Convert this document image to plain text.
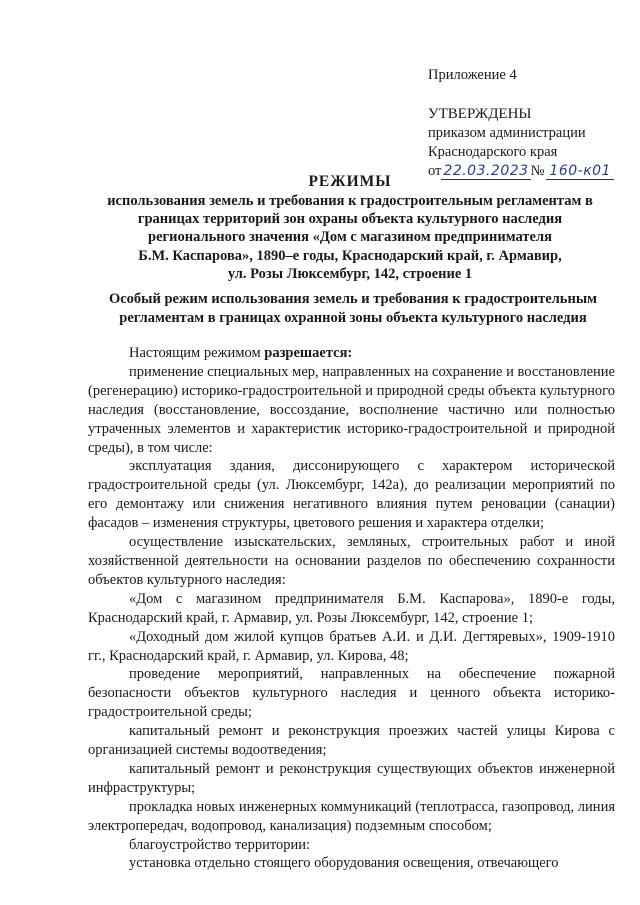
Приложение 4
УТВЕРЖДЕНЫ
приказом администрации
Краснодарского края
от 22.03.2023 № 160-к01
РЕЖИМЫ
использования земель и требования к градостроительным регламентам в
границах территорий зон охраны объекта культурного наследия
регионального значения «Дом с магазином предпринимателя
Б.М. Каспарова», 1890–е годы, Краснодарский край, г. Армавир,
ул. Розы Люксембург, 142, строение 1
Особый режим использования земель и требования к градостроительным
регламентам в границах охранной зоны объекта культурного наследия

Настоящим режимом разрешается:

применение специальных мер, направленных на сохранение и восстановление (регенерацию) историко-градостроительной и природной среды объекта культурного наследия (восстановление, воссоздание, восполнение частично или полностью утраченных элементов и характеристик историко-градостроительной и природной среды), в том числе:

эксплуатация здания, диссонирующего с характером исторической градостроительной среды (ул. Люксембург, 142а), до реализации мероприятий по его демонтажу или снижения негативного влияния путем реновации (санации) фасадов – изменения структуры, цветового решения и характера отделки;

осуществление изыскательских, земляных, строительных работ и иной хозяйственной деятельности на основании разделов по обеспечению сохранности объектов культурного наследия:

«Дом с магазином предпринимателя Б.М. Каспарова», 1890-е годы, Краснодарский край, г. Армавир, ул. Розы Люксембург, 142, строение 1;

«Доходный дом жилой купцов братьев А.И. и Д.И. Дегтяревых», 1909-1910 гг., Краснодарский край, г. Армавир, ул. Кирова, 48;

проведение мероприятий, направленных на обеспечение пожарной безопасности объектов культурного наследия и ценного объекта историко-градостроительной среды;

капитальный ремонт и реконструкция проезжих частей улицы Кирова с организацией системы водоотведения;

капитальный ремонт и реконструкция существующих объектов инженерной инфраструктуры;

прокладка новых инженерных коммуникаций (теплотрасса, газопровод, линия электропередач, водопровод, канализация) подземным способом;

благоустройство территории:

установка отдельно стоящего оборудования освещения, отвечающего
